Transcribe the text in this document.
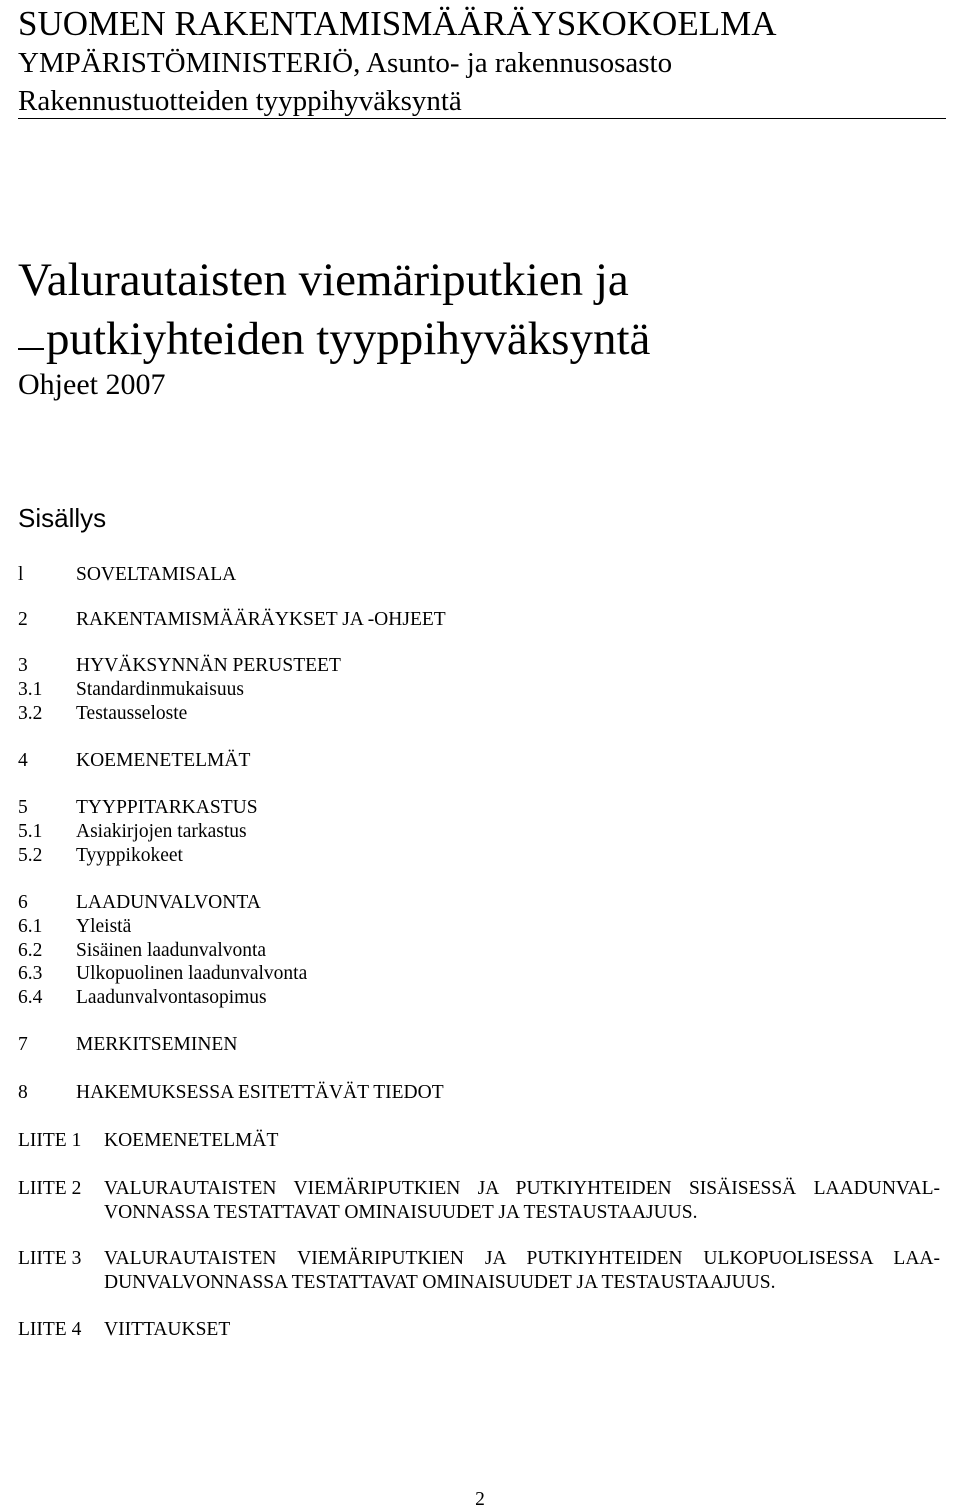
SUOMEN RAKENTAMISMÄÄRÄYSKOKOELMA
YMPÄRISTÖMINISTERIÖ, Asunto- ja rakennusosasto
Rakennustuotteiden tyyppihyväksyntä
Valurautaisten viemäriputkien ja
putkiyhteiden tyyppihyväksyntä
Ohjeet 2007
Sisällys
l	SOVELTAMISALA
2 RAKENTAMISMÄÄRÄYKSET JA -OHJEET
3 HYVÄKSYNNÄN PERUSTEET
3.1 Standardinmukaisuus
3.2 Testausseloste
4 KOEMENETELMÄT
5 TYYPPITARKASTUS
5.1 Asiakirjojen tarkastus
5.2 Tyyppikokeet
6 LAADUNVALVONTA
6.1 Yleistä
6.2 Sisäinen laadunvalvonta
6.3 Ulkopuolinen laadunvalvonta
6.4 Laadunvalvontasopimus
7 MERKITSEMINEN
8 HAKEMUKSESSA ESITETTÄVÄT TIEDOT
LIITE 1 KOEMENETELMÄT
LIITE 2 VALURAUTAISTEN VIEMÄRIPUTKIEN JA PUTKIYHTEIDEN SISÄISESSÄ LAADUNVAL-
VONNASSA TESTATTAVAT OMINAISUUDET JA TESTAUSTAAJUUS.
LIITE 3 VALURAUTAISTEN VIEMÄRIPUTKIEN JA PUTKIYHTEIDEN ULKOPUOLISESSA LAA-
DUNVALVONNASSA TESTATTAVAT OMINAISUUDET JA TESTAUSTAAJUUS.
LIITE 4 VIITTAUKSET
2
